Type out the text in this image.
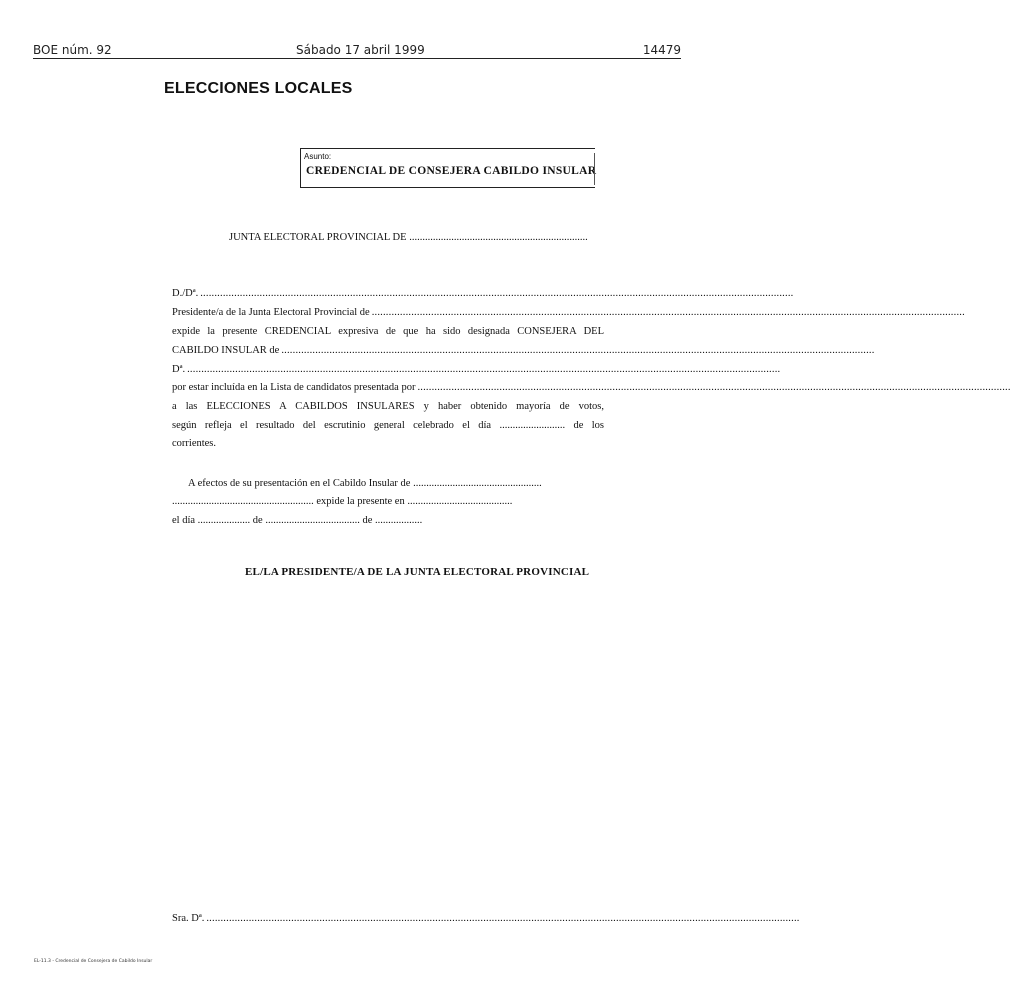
BOE núm. 92	Sábado 17 abril 1999	14479
ELECCIONES LOCALES
Asunto:
CREDENCIAL DE CONSEJERA CABILDO INSULAR
JUNTA ELECTORAL PROVINCIAL DE ....................................................................
D./Dª. ..................................................................................................................................................................................................................
Presidente/a de la Junta Electoral Provincial de ..................................................................................................................................................................................................................
expide la presente CREDENCIAL expresiva de que ha sido designada CONSEJERA DEL
CABILDO INSULAR de ..................................................................................................................................................................................................................
Dª. ..................................................................................................................................................................................................................
por estar incluída en la Lista de candidatos presentada por ..................................................................................................................................................................................................................
a las ELECCIONES A CABILDOS INSULARES y haber obtenido mayoría de votos,
según refleja el resultado del escrutinio general celebrado el día ......................... de los
corrientes.
A efectos de su presentación en el Cabildo Insular de .................................................
...................................................... expide la presente en ........................................
el día .................... de .................................... de ..................
EL/LA PRESIDENTE/A DE LA JUNTA ELECTORAL PROVINCIAL
Sra. Dª. ..................................................................................................................................................................................................................
EL-11.3 - Credencial de Consejera de Cabildo Insular
